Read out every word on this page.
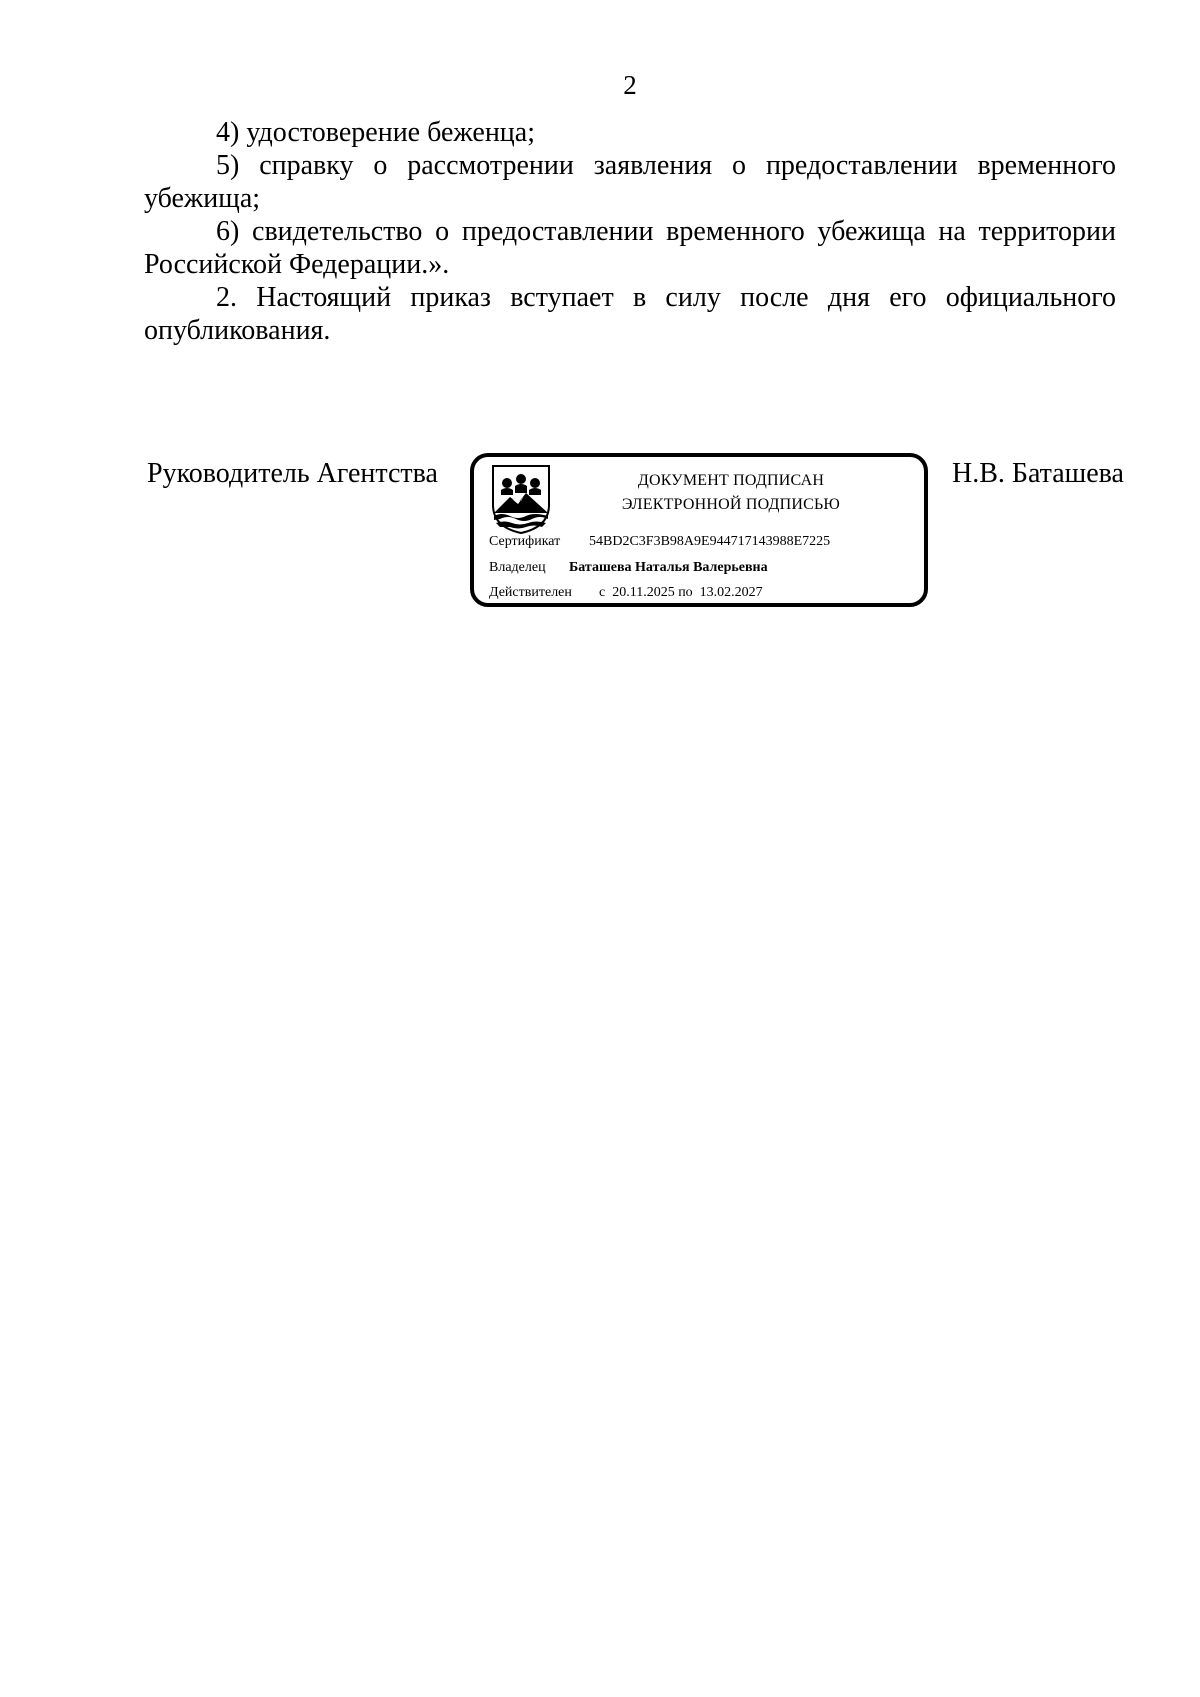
2

4) удостоверение беженца;

5) справку о рассмотрении заявления о предоставлении временного убежища;

6) свидетельство о предоставлении временного убежища на территории Российской Федерации.».

2. Настоящий приказ вступает в силу после дня его официального опубликования.

Руководитель Агентства	ДОКУМЕНТ ПОДПИСАН
ЭЛЕКТРОННОЙ ПОДПИСЬЮ
Сертификат 54BD2C3F3B98A9E944717143988E7225
Владелец Баташева Наталья Валерьевна
Действителен с  20.11.2025 по  13.02.2027
Н.В. Баташева
